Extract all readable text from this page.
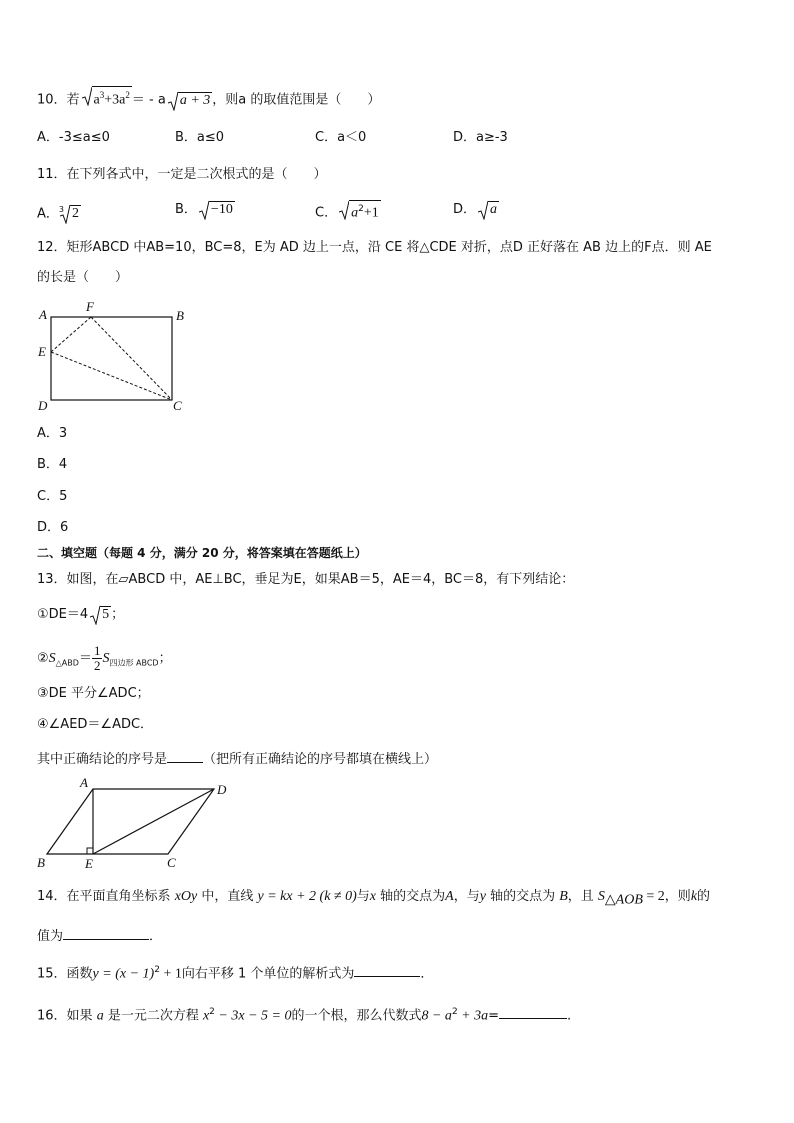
10．若 $a^3+3a^2$ ＝ - a a + 3 ，则a 的取值范围是（　　）
A．-3≤a≤0	B．a≤0	C．a＜0	D．a≥-3
11．在下列各式中，一定是二次根式的是（　　）
A．$^3$ 2	B． −10	C． $a^2+1$	D． a
12．矩形ABCD 中AB=10，BC=8，E为 AD 边上一点，沿 CE 将△CDE 对折，点D 正好落在 AB 边上的F点．则 AE
的长是（　　）
A
F
B
E
D	C
A．3
B．4
C．5
D．6
二、填空题（每题 4 分，满分 20 分，将答案填在答题纸上）
13．如图，在▱ABCD 中，AE⊥BC，垂足为E，如果AB＝5，AE＝4，BC＝8，有下列结论：
①DE＝4 5 ；
$②S_{\triangle ABD}= \frac{1}{2} S_{四边形 ABCD}$；
③DE 平分∠ADC；
④∠AED＝∠ADC．
其中正确结论的序号是	（把所有正确结论的序号都填在横线上）
A	D
B	E	C
14．在平面直角坐标系 xOy 中，直线 y = kx + 2 (k ≠ 0)与x 轴的交点为A，与y 轴的交点为 B，且 $S_{\triangle AOB} = 2$，则k的
值为	．
15．函数$y = (x - 1)^2 + 1$向右平移 1 个单位的解析式为	．
16．如果 a 是一元二次方程 $x^2 - 3x - 5 = 0$的一个根，那么代数式$8 - a^2 + 3a=$	.
